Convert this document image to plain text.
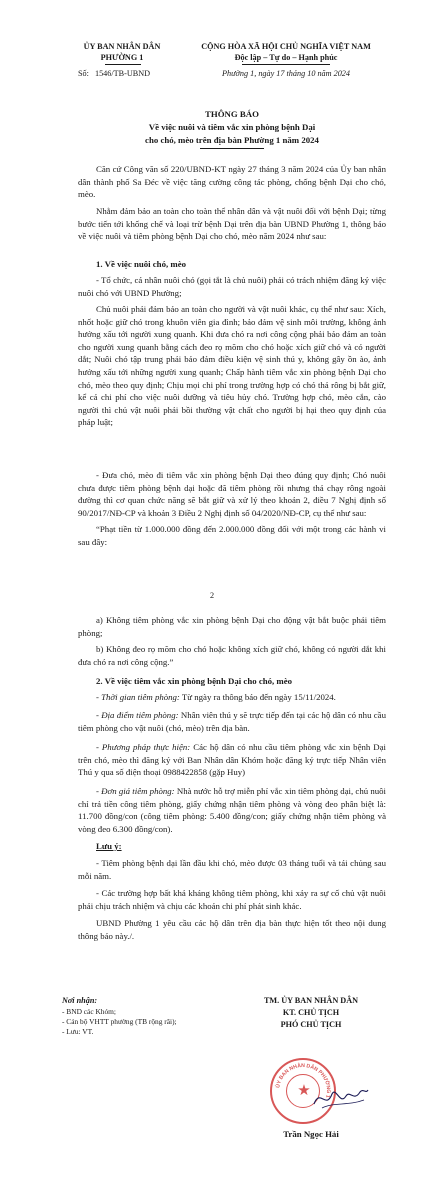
ỦY BAN NHÂN DÂN
PHƯỜNG 1
Số: 1546/TB-UBND
CỘNG HÒA XÃ HỘI CHỦ NGHĨA VIỆT NAM
Độc lập – Tự do – Hạnh phúc
Phường 1, ngày 17 tháng 10 năm 2024
THÔNG BÁO
Về việc nuôi và tiêm vắc xin phòng bệnh Dại
cho chó, mèo trên địa bàn Phường 1 năm 2024
Căn cứ Công văn số 220/UBND-KT ngày 27 tháng 3 năm 2024 của Ủy ban nhân dân thành phố Sa Đéc về việc tăng cường công tác phòng, chống bệnh Dại cho chó, mèo.
Nhằm đảm bảo an toàn cho toàn thể nhân dân và vật nuôi đối với bệnh Dại; từng bước tiến tới khống chế và loại trừ bệnh Dại trên địa bàn UBND Phường 1, thông báo về việc nuôi và tiêm phòng bệnh Dại cho chó, mèo năm 2024 như sau:
1. Về việc nuôi chó, mèo
- Tổ chức, cá nhân nuôi chó (gọi tắt là chủ nuôi) phải có trách nhiệm đăng ký việc nuôi chó với UBND Phường;
Chủ nuôi phải đảm bảo an toàn cho người và vật nuôi khác, cụ thể như sau: Xích, nhốt hoặc giữ chó trong khuôn viên gia đình; bảo đảm vệ sinh môi trường, không ảnh hưởng xấu tới người xung quanh. Khi đưa chó ra nơi công cộng phải bảo đảm an toàn cho người xung quanh bằng cách đeo rọ mõm cho chó hoặc xích giữ chó và có người dắt; Nuôi chó tập trung phải bảo đảm điều kiện vệ sinh thú y, không gây ồn ào, ảnh hưởng xấu tới những người xung quanh; Chấp hành tiêm vắc xin phòng bệnh Dại cho chó, mèo theo quy định; Chịu mọi chi phí trong trường hợp có chó thả rông bị bắt giữ, kể cả chi phí cho việc nuôi dưỡng và tiêu hủy chó. Trường hợp chó, mèo cắn, cào người thì chủ vật nuôi phải bồi thường vật chất cho người bị hại theo quy định của pháp luật;
- Đưa chó, mèo đi tiêm vắc xin phòng bệnh Dại theo đúng quy định; Chó nuôi chưa được tiêm phòng bệnh dại hoặc đã tiêm phòng rồi nhưng thả chạy rông ngoài đường thì cơ quan chức năng sẽ bắt giữ và xử lý theo khoản 2, điều 7 Nghị định số 90/2017/NĐ-CP và khoản 3 Điều 2 Nghị định số 04/2020/NĐ-CP, cụ thể như sau:
“Phạt tiền từ 1.000.000 đồng đến 2.000.000 đồng đối với một trong các hành vi sau đây:
2
a) Không tiêm phòng vắc xin phòng bệnh Dại cho động vật bắt buộc phải tiêm phòng;
b) Không đeo rọ mõm cho chó hoặc không xích giữ chó, không có người dắt khi đưa chó ra nơi công cộng.”
2. Về việc tiêm vắc xin phòng bệnh Dại cho chó, mèo
- Thời gian tiêm phòng: Từ ngày ra thông báo đến ngày 15/11/2024.
- Địa điểm tiêm phòng: Nhân viên thú y sẽ trực tiếp đến tại các hộ dân có nhu cầu tiêm phòng cho vật nuôi (chó, mèo) trên địa bàn.
- Phương pháp thực hiện: Các hộ dân có nhu cầu tiêm phòng vắc xin bệnh Dại trên chó, mèo thì đăng ký với Ban Nhân dân Khóm hoặc đăng ký trực tiếp Nhân viên Thú y qua số điện thoại 0988422858 (gặp Huy)
- Đơn giá tiêm phòng: Nhà nước hỗ trợ miễn phí vắc xin tiêm phòng dại, chủ nuôi chỉ trả tiền công tiêm phòng, giấy chứng nhận tiêm phòng và vòng đeo phân biệt là: 11.700 đồng/con (công tiêm phòng: 5.400 đồng/con; giấy chứng nhận tiêm phòng và vòng đeo 6.300 đồng/con).
Lưu ý:
- Tiêm phòng bệnh dại lần đầu khi chó, mèo được 03 tháng tuổi và tái chủng sau mỗi năm.
- Các trường hợp bất khả kháng không tiêm phòng, khi xảy ra sự cố chủ vật nuôi phải chịu trách nhiệm và chịu các khoản chi phí phát sinh khác.
UBND Phường 1 yêu cầu các hộ dân trên địa bàn thực hiện tốt theo nội dung thông báo này./.
Nơi nhận:
- BND các Khóm;
- Cán bộ VHTT phường (TB rộng rãi);
- Lưu: VT.
TM. ỦY BAN NHÂN DÂN
KT. CHỦ TỊCH
PHÓ CHỦ TỊCH
ỦY BAN NHÂN DÂN PHƯỜNG 1
★
Trần Ngọc Hải
